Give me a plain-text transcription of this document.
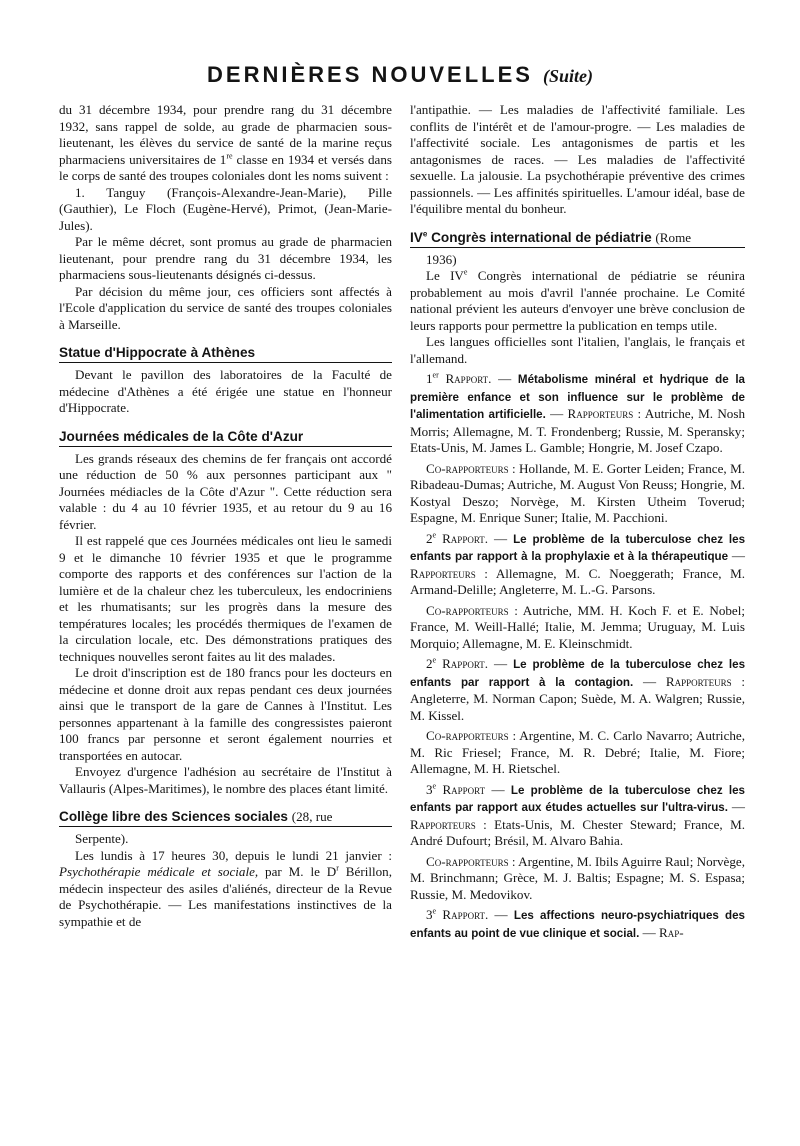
DERNIÈRES NOUVELLES (Suite)

du 31 décembre 1934, pour prendre rang du 31 décembre 1932, sans rappel de solde, au grade de pharmacien sous-lieutenant, les élèves du service de santé de la marine reçus pharmaciens universitaires de 1re classe en 1934 et versés dans le corps de santé des troupes coloniales dont les noms suivent :

1. Tanguy (François-Alexandre-Jean-Marie), Pille (Gauthier), Le Floch (Eugène-Hervé), Primot, (Jean-Marie-Jules).

Par le même décret, sont promus au grade de pharmacien lieutenant, pour prendre rang du 31 décembre 1934, les pharmaciens sous-lieutenants désignés ci-dessus.

Par décision du même jour, ces officiers sont affectés à l'Ecole d'application du service de santé des troupes coloniales à Marseille.

Statue d'Hippocrate à Athènes

Devant le pavillon des laboratoires de la Faculté de médecine d'Athènes a été érigée une statue en l'honneur d'Hippocrate.

Journées médicales de la Côte d'Azur

Les grands réseaux des chemins de fer français ont accordé une réduction de 50 % aux personnes participant aux " Journées médiacles de la Côte d'Azur ". Cette réduction sera valable : du 4 au 10 février 1935, et au retour du 9 au 16 février.

Il est rappelé que ces Journées médicales ont lieu le samedi 9 et le dimanche 10 février 1935 et que le programme comporte des rapports et des conférences sur l'action de la lumière et de la chaleur chez les tuberculeux, les endocriniens et les rhumatisants; sur les progrès dans la mesure des températures locales; les procédés thermiques de l'examen de la circulation locale, etc. Des démonstrations pratiques des techniques nouvelles seront faites au lit des malades.

Le droit d'inscription est de 180 francs pour les docteurs en médecine et donne droit aux repas pendant ces deux journées ainsi que le transport de la gare de Cannes à l'Institut. Les personnes appartenant à la famille des congressistes paieront 100 francs par personne et seront également nourries et transportées en autocar.

Envoyez d'urgence l'adhésion au secrétaire de l'Institut à Vallauris (Alpes-Maritimes), le nombre des places étant limité.

Collège libre des Sciences sociales (28, rue

Serpente).

Les lundis à 17 heures 30, depuis le lundi 21 janvier : Psychothérapie médicale et sociale, par M. le $D^r$ Bérillon, médecin inspecteur des asiles d'aliénés, directeur de la Revue de Psychothérapie. — Les manifestations instinctives de la sympathie et de

l'antipathie. — Les maladies de l'affectivité familiale. Les conflits de l'intérêt et de l'amour-progre. — Les maladies de l'affectivité sociale. Les antagonismes de partis et les antagonismes de races. — Les maladies de l'affectivité sexuelle. La jalousie. La psychothérapie préventive des crimes passionnels. — Les affinités spirituelles. L'amour idéal, base de l'équilibre mental du bonheur.

IVe Congrès international de pédiatrie (Rome

1936)

Le IVe Congrès international de pédiatrie se réunira probablement au mois d'avril l'année prochaine. Le Comité national prévient les auteurs d'envoyer une brève conclusion de leurs rapports pour permettre la publication en temps utile.

Les langues officielles sont l'italien, l'anglais, le français et l'allemand.

1er Rapport. — Métabolisme minéral et hydrique de la première enfance et son influence sur le problème de l'alimentation artificielle. — Rapporteurs : Autriche, M. Nosh Morris; Allemagne, M. T. Frondenberg; Russie, M. Speransky; Etats-Unis, M. James L. Gamble; Hongrie, M. Josef Czapo.

Co-rapporteurs : Hollande, M. E. Gorter Leiden; France, M. Ribadeau-Dumas; Autriche, M. August Von Reuss; Hongrie, M. Kostyal Deszo; Norvège, M. Kirsten Utheim Toverud; Espagne, M. Enrique Suner; Italie, M. Pacchioni.

2e Rapport. — Le problème de la tuberculose chez les enfants par rapport à la prophylaxie et à la thérapeutique — Rapporteurs : Allemagne, M. C. Noeggerath; France, M. Armand-Delille; Angleterre, M. L.-G. Parsons.

Co-rapporteurs : Autriche, MM. H. Koch F. et E. Nobel; France, M. Weill-Hallé; Italie, M. Jemma; Uruguay, M. Luis Morquio; Allemagne, M. E. Kleinschmidt.

2e Rapport. — Le problème de la tuberculose chez les enfants par rapport à la contagion. — Rapporteurs : Angleterre, M. Norman Capon; Suède, M. A. Walgren; Russie, M. Kissel.

Co-rapporteurs : Argentine, M. C. Carlo Navarro; Autriche, M. Ric Friesel; France, M. R. Debré; Italie, M. Fiore; Allemagne, M. H. Rietschel.

3e Rapport — Le problème de la tuberculose chez les enfants par rapport aux études actuelles sur l'ultra-virus. — Rapporteurs : Etats-Unis, M. Chester Steward; France, M. André Dufourt; Brésil, M. Alvaro Bahia.

Co-rapporteurs : Argentine, M. Ibils Aguirre Raul; Norvège, M. Brinchmann; Grèce, M. J. Baltis; Espagne; M. S. Espasa; Russie, M. Medovikov.

3e Rapport. — Les affections neuro-psychiatriques des enfants au point de vue clinique et social. — Rap-
